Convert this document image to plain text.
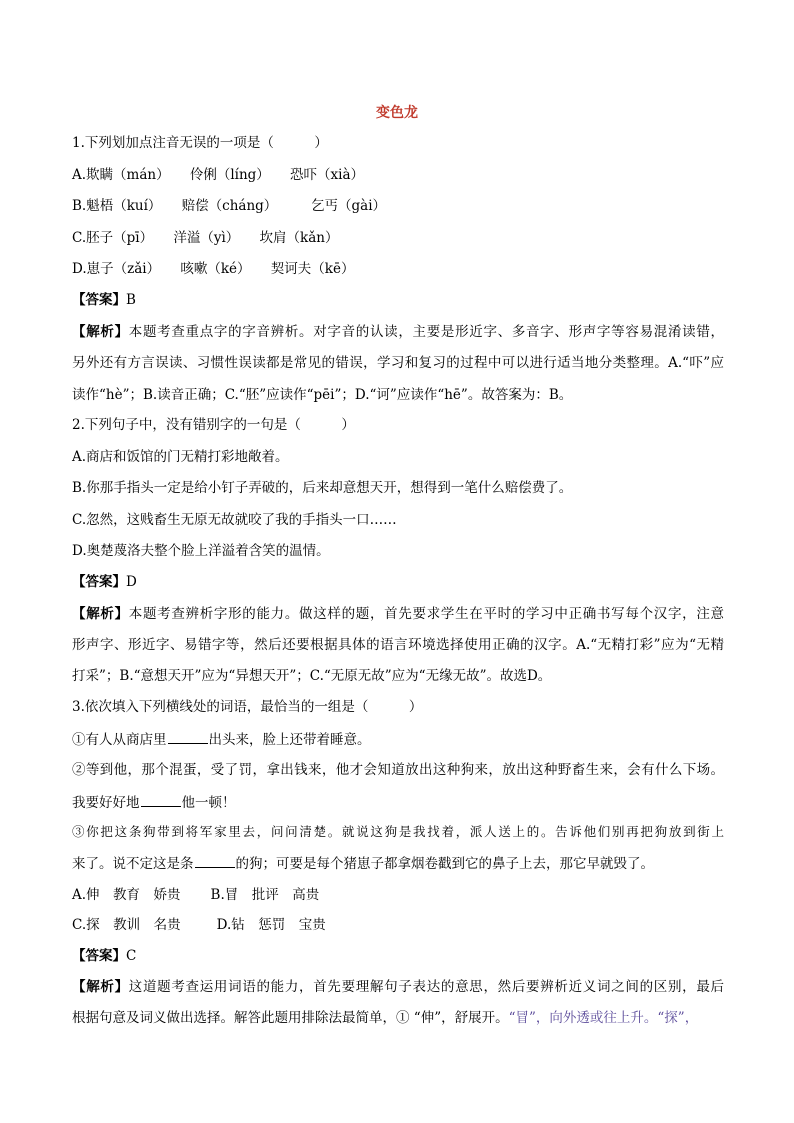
变色龙
1.下列划加点注音无误的一项是（　　　）
A.欺瞒（mán）　　伶俐（líng）　　恐吓（xià）
B.魁梧（kuí）　　赔偿（cháng）　　　乞丐（gài）
C.胚子（pī）　　洋溢（yì）　　坎肩（kǎn）
D.崽子（zǎi）　　咳嗽（ké）　　契诃夫（kē）
【答案】B
【解析】本题考查重点字的字音辨析。对字音的认读，主要是形近字、多音字、形声字等容易混淆读错，
另外还有方言误读、习惯性误读都是常见的错误，学习和复习的过程中可以进行适当地分类整理。A.“吓”应
读作“hè”；B.读音正确；C.“胚”应读作“pēi”；D.“诃”应读作“hē”。故答案为：B。
2.下列句子中，没有错别字的一句是（　　　）
A.商店和饭馆的门无精打彩地敞着。
B.你那手指头一定是给小钉子弄破的，后来却意想天开，想得到一笔什么赔偿费了。
C.忽然，这贱畜生无原无故就咬了我的手指头一口……
D.奥楚蔑洛夫整个脸上洋溢着含笑的温情。
【答案】D
【解析】本题考查辨析字形的能力。做这样的题，首先要求学生在平时的学习中正确书写每个汉字，注意
形声字、形近字、易错字等，然后还要根据具体的语言环境选择使用正确的汉字。A.“无精打彩”应为“无精
打采”；B.“意想天开”应为“异想天开”；C.“无原无故”应为“无缘无故”。故选D。
3.依次填入下列横线处的词语，最恰当的一组是（　　　）
①有人从商店里	出头来，脸上还带着睡意。
②等到他，那个混蛋，受了罚，拿出钱来，他才会知道放出这种狗来，放出这种野畜生来，会有什么下场。
我要好好地	他一顿！
③你把这条狗带到将军家里去，问问清楚。就说这狗是我找着，派人送上的。告诉他们别再把狗放到街上
来了。说不定这是条	的狗；可要是每个猪崽子都拿烟卷戳到它的鼻子上去，那它早就毁了。
A.伸　教育　娇贵 B.冒　批评　高贵
C.探　教训　名贵	D.钻　惩罚　宝贵
【答案】C
【解析】这道题考查运用词语的能力，首先要理解句子表达的意思，然后要辨析近义词之间的区别，最后
根据句意及词义做出选择。解答此题用排除法最简单，① “伸”，舒展开。“冒”，向外透或往上升。“探”，
